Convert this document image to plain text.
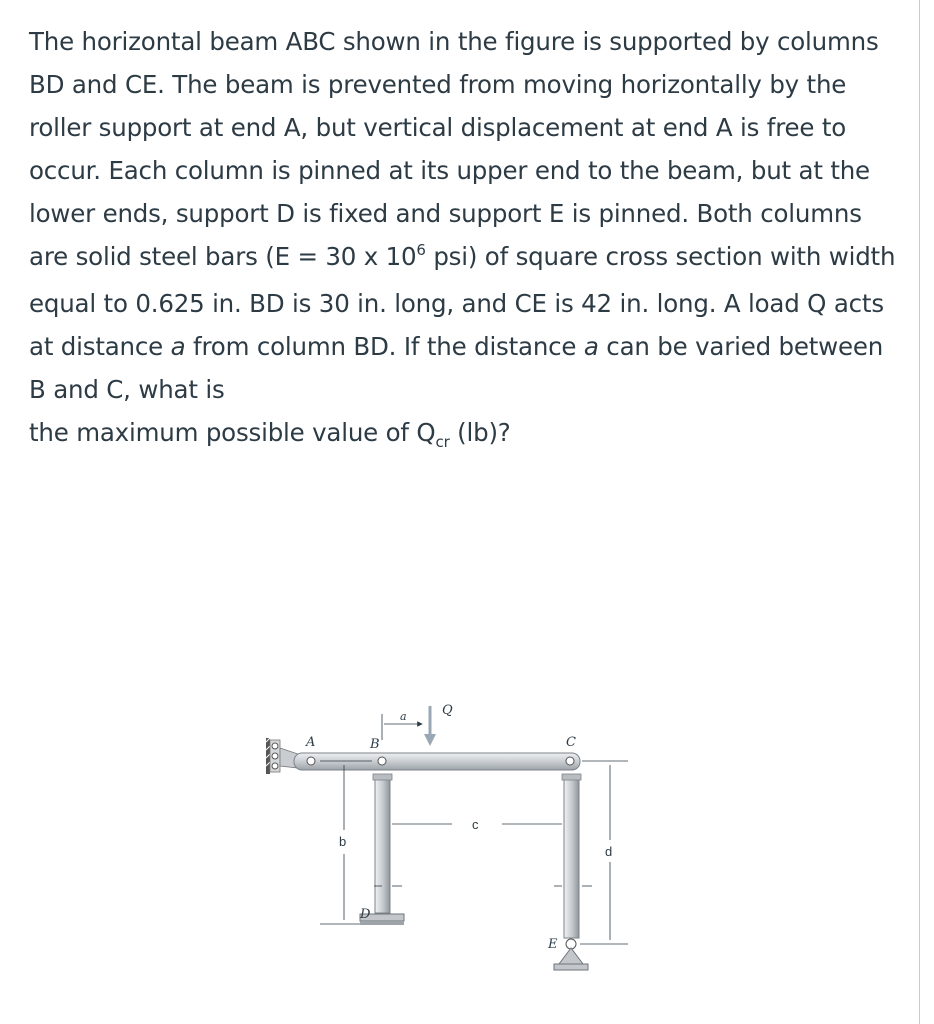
The horizontal beam ABC shown in the figure is supported by columns BD and CE. The beam is prevented from moving horizontally by the roller support at end A, but vertical displacement at end A is free to occur. Each column is pinned at its upper end to the beam, but at the lower ends, support D is fixed and support E is pinned. Both columns are solid steel bars (E = 30 x $10^6$ psi) of square cross section with width equal to 0.625 in. BD is 30 in. long, and CE is 42 in. long. A load Q acts at distance a from column BD. If the distance a can be varied between B and C, what is

the maximum possible value of $Q_{cr}$ (lb)?

A	B	C
D
E
Q
a
b
c
d
